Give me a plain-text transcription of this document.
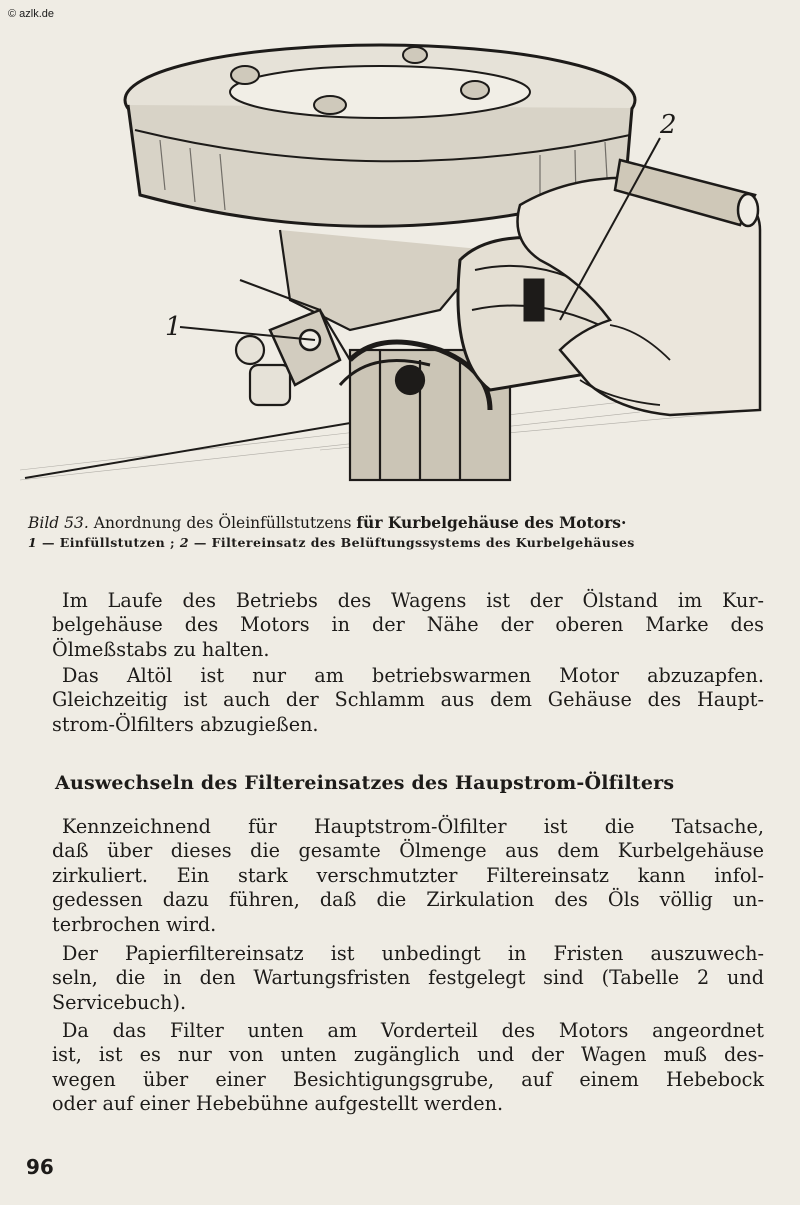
© azlk.de
1
2
Bild 53. Anordnung des Öleinfüllstutzens für Kurbelgehäuse des Motors·
1 — Einfüllstutzen ; 2 — Filtereinsatz des Belüftungssystems des Kurbelgehäuses
Im Laufe des Betriebs des Wagens ist der Ölstand im Kur-
belgehäuse des Motors in der Nähe der oberen Marke des
Ölmeßstabs zu halten.
Das Altöl ist nur am betriebswarmen Motor abzuzapfen.
Gleichzeitig ist auch der Schlamm aus dem Gehäuse des Haupt-
strom-Ölfilters abzugießen.
Auswechseln des Filtereinsatzes des Haupstrom-Ölfilters
Kennzeichnend für Hauptstrom-Ölfilter ist die Tatsache,
daß über dieses die gesamte Ölmenge aus dem Kurbelgehäuse
zirkuliert. Ein stark verschmutzter Filtereinsatz kann infol-
gedessen dazu führen, daß die Zirkulation des Öls völlig un-
terbrochen wird.
Der Papierfiltereinsatz ist unbedingt in Fristen auszuwech-
seln, die in den Wartungsfristen festgelegt sind (Tabelle 2 und
Servicebuch).
Da das Filter unten am Vorderteil des Motors angeordnet
ist, ist es nur von unten zugänglich und der Wagen muß des-
wegen über einer Besichtigungsgrube, auf einem Hebebock
oder auf einer Hebebühne aufgestellt werden.
96
